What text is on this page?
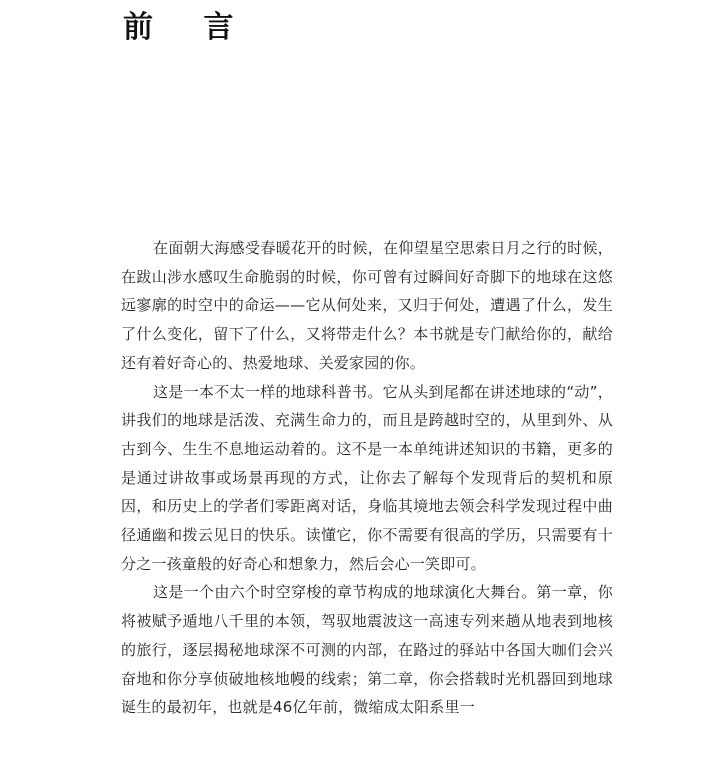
前 言

在面朝大海感受春暖花开的时候，在仰望星空思索日月之行的时候，在跋山涉水感叹生命脆弱的时候，你可曾有过瞬间好奇脚下的地球在这悠远寥廓的时空中的命运——它从何处来，又归于何处，遭遇了什么，发生了什么变化，留下了什么，又将带走什么？本书就是专门献给你的，献给还有着好奇心的、热爱地球、关爱家园的你。

这是一本不太一样的地球科普书。它从头到尾都在讲述地球的“动”，讲我们的地球是活泼、充满生命力的，而且是跨越时空的，从里到外、从古到今、生生不息地运动着的。这不是一本单纯讲述知识的书籍，更多的是通过讲故事或场景再现的方式，让你去了解每个发现背后的契机和原因，和历史上的学者们零距离对话，身临其境地去领会科学发现过程中曲径通幽和拨云见日的快乐。读懂它，你不需要有很高的学历，只需要有十分之一孩童般的好奇心和想象力，然后会心一笑即可。

这是一个由六个时空穿梭的章节构成的地球演化大舞台。第一章，你将被赋予遁地八千里的本领，驾驭地震波这一高速专列来趟从地表到地核的旅行，逐层揭秘地球深不可测的内部，在路过的驿站中各国大咖们会兴奋地和你分享侦破地核地幔的线索；第二章，你会搭载时光机器回到地球诞生的最初年，也就是46亿年前，微缩成太阳系里一
